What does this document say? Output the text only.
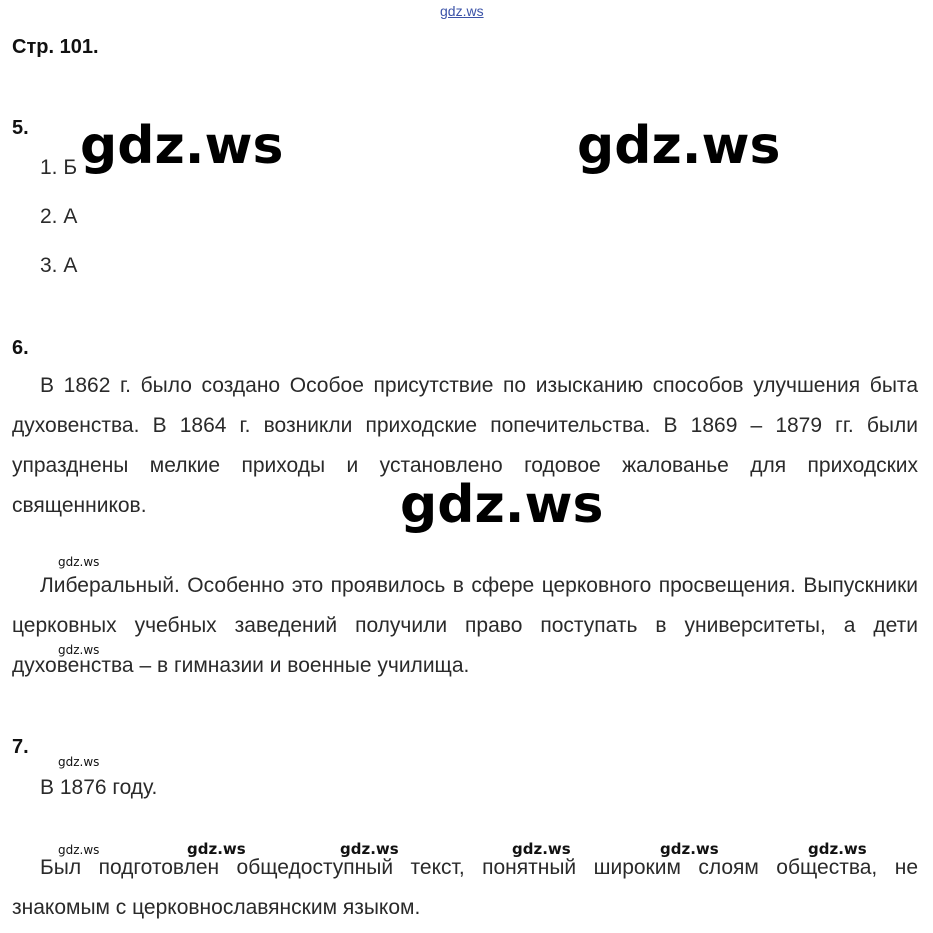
gdz.ws
Стр. 101.
5.
1. Б
2. А
3. А
6.

В 1862 г. было создано Особое присутствие по изысканию способов улучшения быта духовенства. В 1864 г. возникли приходские попечительства. В 1869 – 1879 гг. были упразднены мелкие приходы и установлено годовое жалованье для приходских священников.

Либеральный. Особенно это проявилось в сфере церковного просвещения. Выпускники церковных учебных заведений получили право поступать в университеты, а дети духовенства – в гимназии и военные училища.

7.
В 1876 году.

Был подготовлен общедоступный текст, понятный широким слоям общества, не знакомым с церковнославянским языком.

gdz.ws	gdz.ws
gdz.ws
gdz.ws
gdz.ws
gdz.ws
gdz.ws	gdz.ws	gdz.ws	gdz.ws	gdz.ws	gdz.ws
